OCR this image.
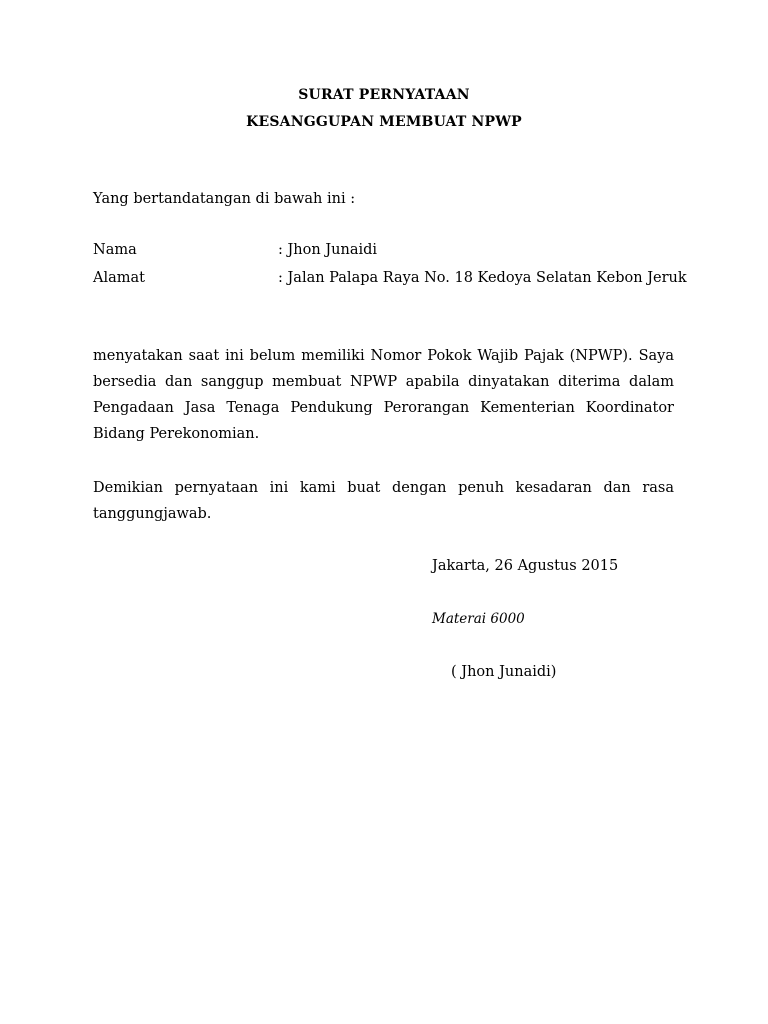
SURAT PERNYATAAN
KESANGGUPAN MEMBUAT NPWP
Yang bertandatangan di bawah ini :
Nama	: Jhon Junaidi
Alamat	: Jalan Palapa Raya No. 18 Kedoya Selatan Kebon Jeruk
menyatakan saat ini belum memiliki Nomor Pokok Wajib Pajak (NPWP). Saya bersedia dan sanggup membuat NPWP apabila dinyatakan diterima dalam Pengadaan Jasa Tenaga Pendukung Perorangan Kementerian Koordinator Bidang Perekonomian.
Demikian pernyataan ini kami buat dengan penuh kesadaran dan rasa tanggungjawab.
Jakarta, 26 Agustus 2015
Materai 6000
( Jhon Junaidi)
